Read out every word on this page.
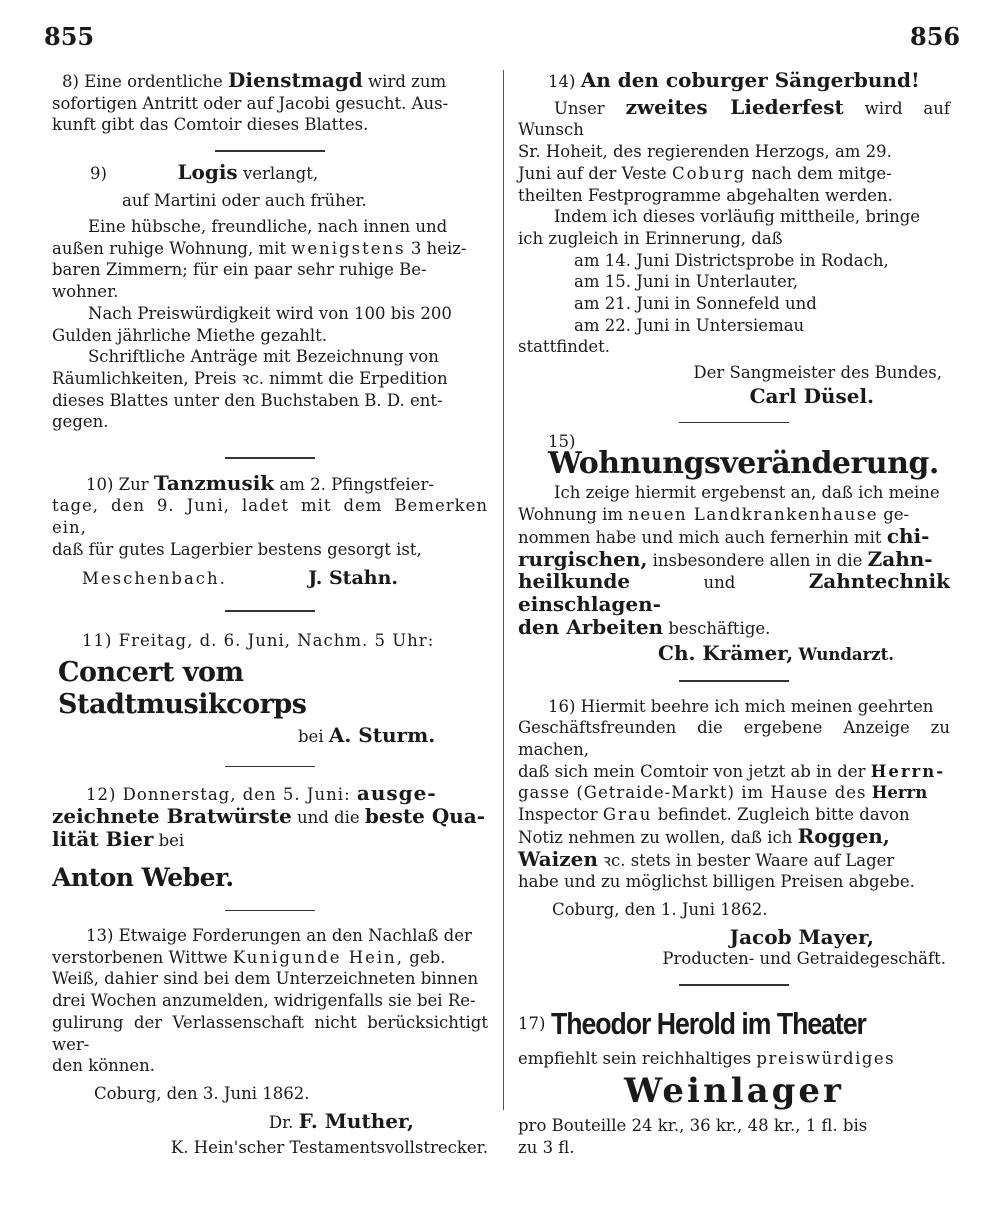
855	856

8) Eine ordentliche Dienstmagd wird zum

sofortigen Antritt oder auf Jacobi gesucht. Aus-

kunft gibt das Comtoir dieses Blattes.

9)	Logis verlangt,

auf Martini oder auch früher.

Eine hübsche, freundliche, nach innen und

außen ruhige Wohnung, mit wenigstens 3 heiz-

baren Zimmern; für ein paar sehr ruhige Be-

wohner.

Nach Preiswürdigkeit wird von 100 bis 200

Gulden jährliche Miethe gezahlt.

Schriftliche Anträge mit Bezeichnung von

Räumlichkeiten, Preis ꝛc. nimmt die Erpedition

dieses Blattes unter den Buchstaben B. D. ent-

gegen.

10) Zur Tanzmusik am 2. Pfingstfeier-

tage, den 9. Juni, ladet mit dem Bemerken ein,

daß für gutes Lagerbier bestens gesorgt ist,

Meschenbach.	J. Stahn.

11) Freitag, d. 6. Juni, Nachm. 5 Uhr:

Concert vom Stadtmusikcorps

bei A. Sturm.

12) Donnerstag, den 5. Juni: ausge-

zeichnete Bratwürste und die beste Qua-

lität Bier bei

Anton Weber.

13) Etwaige Forderungen an den Nachlaß der

verstorbenen Wittwe Kunigunde Hein, geb.

Weiß, dahier sind bei dem Unterzeichneten binnen

drei Wochen anzumelden, widrigenfalls sie bei Re-

gulirung der Verlassenschaft nicht berücksichtigt wer-

den können.

Coburg, den 3. Juni 1862.

Dr. F. Muther,

K. Hein'scher Testamentsvollstrecker.

14) An den coburger Sängerbund!

Unser zweites Liederfest wird auf Wunsch

Sr. Hoheit, des regierenden Herzogs, am 29.

Juni auf der Veste Coburg nach dem mitge-

theilten Festprogramme abgehalten werden.

Indem ich dieses vorläufig mittheile, bringe

ich zugleich in Erinnerung, daß

am 14. Juni Districtsprobe in Rodach,

am 15. Juni in Unterlauter,

am 21. Juni in Sonnefeld und

am 22. Juni in Untersiemau

stattfindet.

Der Sangmeister des Bundes,

Carl Düsel.

15) Wohnungsveränderung.

Ich zeige hiermit ergebenst an, daß ich meine

Wohnung im neuen Landkrankenhause ge-

nommen habe und mich auch fernerhin mit chi-

rurgischen, insbesondere allen in die Zahn-

heilkunde	und	Zahntechnik einschlagen-

den Arbeiten beschäftige.

Ch. Krämer, Wundarzt.

16) Hiermit beehre ich mich meinen geehrten

Geschäftsfreunden die ergebene Anzeige zu machen,

daß sich mein Comtoir von jetzt ab in der Herrn-

gasse (Getraide-Markt) im Hause des Herrn

Inspector Grau befindet. Zugleich bitte davon

Notiz nehmen zu wollen, daß ich Roggen,

Waizen ꝛc. stets in bester Waare auf Lager

habe und zu möglichst billigen Preisen abgebe.

Coburg, den 1. Juni 1862.

Jacob Mayer,

Producten- und Getraidegeschäft.

17) Theodor Herold im Theater

empfiehlt sein reichhaltiges preiswürdiges

Weinlager

pro Bouteille 24 kr., 36 kr., 48 kr., 1 fl. bis

zu 3 fl.
